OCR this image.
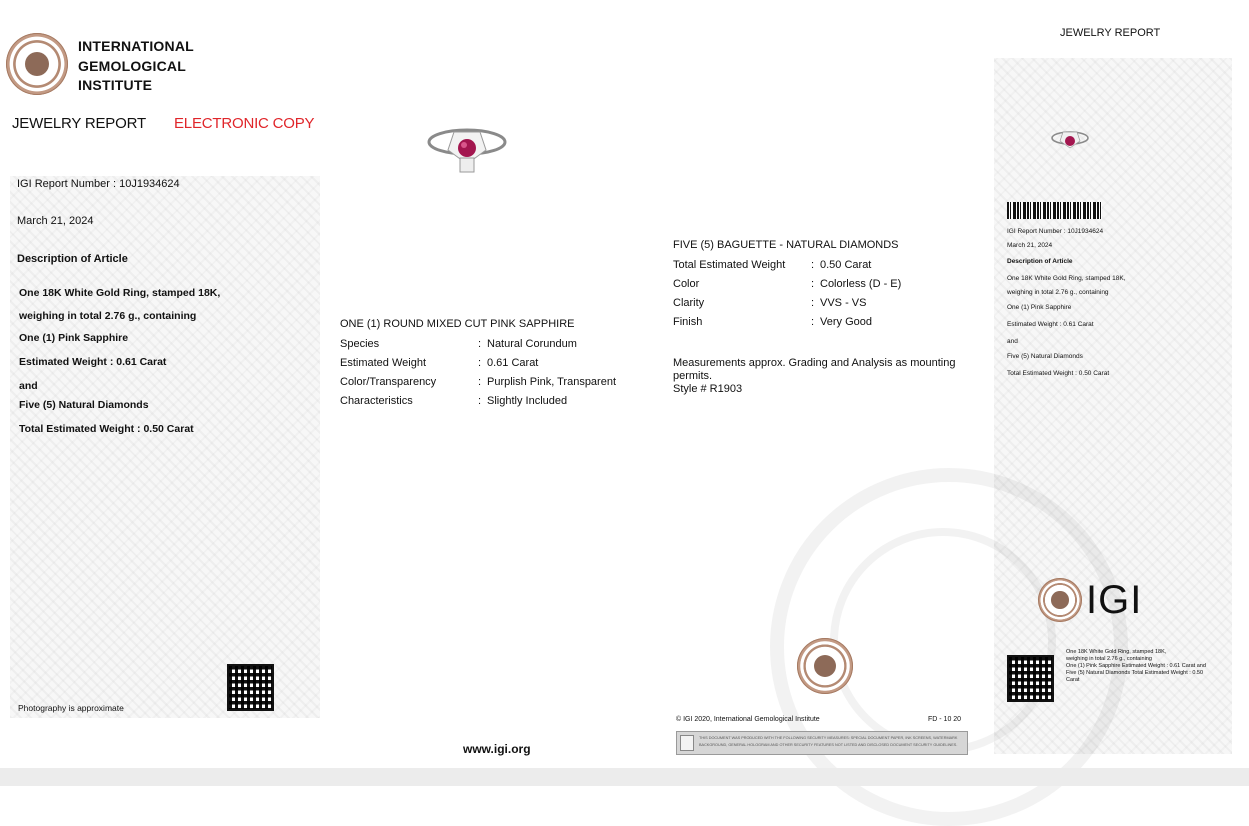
INTERNATIONAL
GEMOLOGICAL
INSTITUTE
JEWELRY REPORT ELECTRONIC COPY
JEWELRY REPORT
IGI Report Number : 10J1934624
March 21, 2024
Description of Article
One 18K White Gold Ring, stamped 18K,
weighing in total 2.76 g., containing
One (1) Pink Sapphire
Estimated Weight : 0.61 Carat
and
Five (5) Natural Diamonds
Total Estimated Weight : 0.50 Carat
Photography is approximate
ONE (1) ROUND MIXED CUT PINK SAPPHIRE
Species	: Natural Corundum
Estimated Weight	: 0.61 Carat
Color/Transparency	: Purplish Pink, Transparent
Characteristics	: Slightly Included
www.igi.org
FIVE (5) BAGUETTE - NATURAL DIAMONDS
Total Estimated Weight : 0.50 Carat
Color	: Colorless (D - E)
Clarity	: VVS - VS
Finish	: Very Good
Measurements approx. Grading and Analysis as mounting
permits.
Style # R1903
© IGI 2020, International Gemological Institute	FD - 10 20
THIS DOCUMENT WAS PRODUCED WITH THE FOLLOWING SECURITY MEASURES: SPECIAL DOCUMENT PAPER, INK SCREENS, WATERMARK BACKGROUND, GENERAL HOLOGRAM AND OTHER SECURITY FEATURES NOT LISTED AND DISCLOSED DOCUMENT SECURITY GUIDELINES.
IGI Report Number : 10J1934624
March 21, 2024
Description of Article
One 18K White Gold Ring, stamped 18K,
weighing in total 2.76 g., containing
One (1) Pink Sapphire
Estimated Weight : 0.61 Carat
and
Five (5) Natural Diamonds
Total Estimated Weight : 0.50 Carat
IGI
One 18K White Gold Ring, stamped 18K,
weighing in total 2.76 g., containing
One (1) Pink Sapphire Estimated Weight : 0.61 Carat and
Five (5) Natural Diamonds Total Estimated Weight : 0.50
Carat
